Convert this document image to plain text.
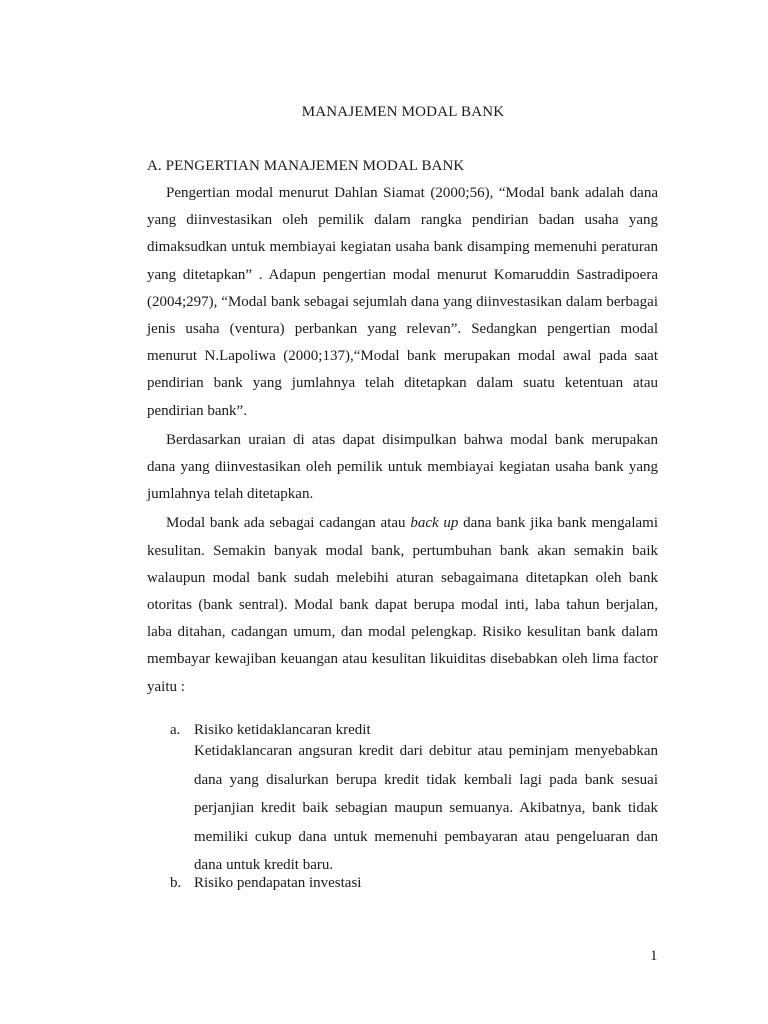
MANAJEMEN MODAL BANK
A. PENGERTIAN MANAJEMEN MODAL BANK

Pengertian modal menurut Dahlan Siamat (2000;56), “Modal bank adalah dana yang diinvestasikan oleh pemilik dalam rangka pendirian badan usaha yang dimaksudkan untuk membiayai kegiatan usaha bank disamping memenuhi peraturan yang ditetapkan” . Adapun pengertian modal menurut Komaruddin Sastradipoera (2004;297), “Modal bank sebagai sejumlah dana yang diinvestasikan dalam berbagai jenis usaha (ventura) perbankan yang relevan”. Sedangkan pengertian modal menurut N.Lapoliwa (2000;137),“Modal bank merupakan modal awal pada saat pendirian bank yang jumlahnya telah ditetapkan dalam suatu ketentuan atau pendirian bank”.

Berdasarkan uraian di atas dapat disimpulkan bahwa modal bank merupakan dana yang diinvestasikan oleh pemilik untuk membiayai kegiatan usaha bank yang jumlahnya telah ditetapkan.

Modal bank ada sebagai cadangan atau back up dana bank jika bank mengalami kesulitan. Semakin banyak modal bank, pertumbuhan bank akan semakin baik walaupun modal bank sudah melebihi aturan sebagaimana ditetapkan oleh bank otoritas (bank sentral). Modal bank dapat berupa modal inti, laba tahun berjalan, laba ditahan, cadangan umum, dan modal pelengkap. Risiko kesulitan bank dalam membayar kewajiban keuangan atau kesulitan likuiditas disebabkan oleh lima factor yaitu :

a. Risiko ketidaklancaran kredit
Ketidaklancaran angsuran kredit dari debitur atau peminjam menyebabkan dana yang disalurkan berupa kredit tidak kembali lagi pada bank sesuai perjanjian kredit baik sebagian maupun semuanya. Akibatnya, bank tidak memiliki cukup dana untuk memenuhi pembayaran atau pengeluaran dan dana untuk kredit baru.
b. Risiko pendapatan investasi
1
